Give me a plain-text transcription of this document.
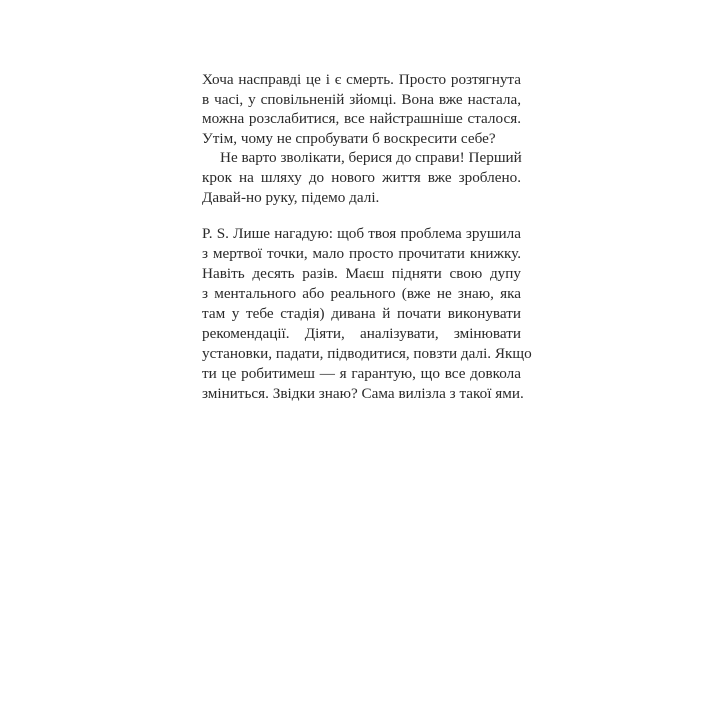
Хоча насправді це і є смерть. Просто розтягнута
в часі, у сповільненій зйомці. Вона вже настала,
можна розслабитися, все найстрашніше сталося.
Утім, чому не спробувати б воскресити себе?
Не варто зволікати, берися до справи! Перший
крок на шляху до нового життя вже зроблено.
Давай-но руку, підемо далі.
P. S. Лише нагадую: щоб твоя проблема зрушила
з мертвої точки, мало просто прочитати книжку.
Навіть десять разів. Маєш підняти свою дупу
з ментального або реального (вже не знаю, яка
там у тебе стадія) дивана й почати виконувати
рекомендації. Діяти, аналізувати, змінювати
установки, падати, підводитися, повзти далі. Якщо
ти це робитимеш — я гарантую, що все довкола
зміниться. Звідки знаю? Сама вилізла з такої ями.
